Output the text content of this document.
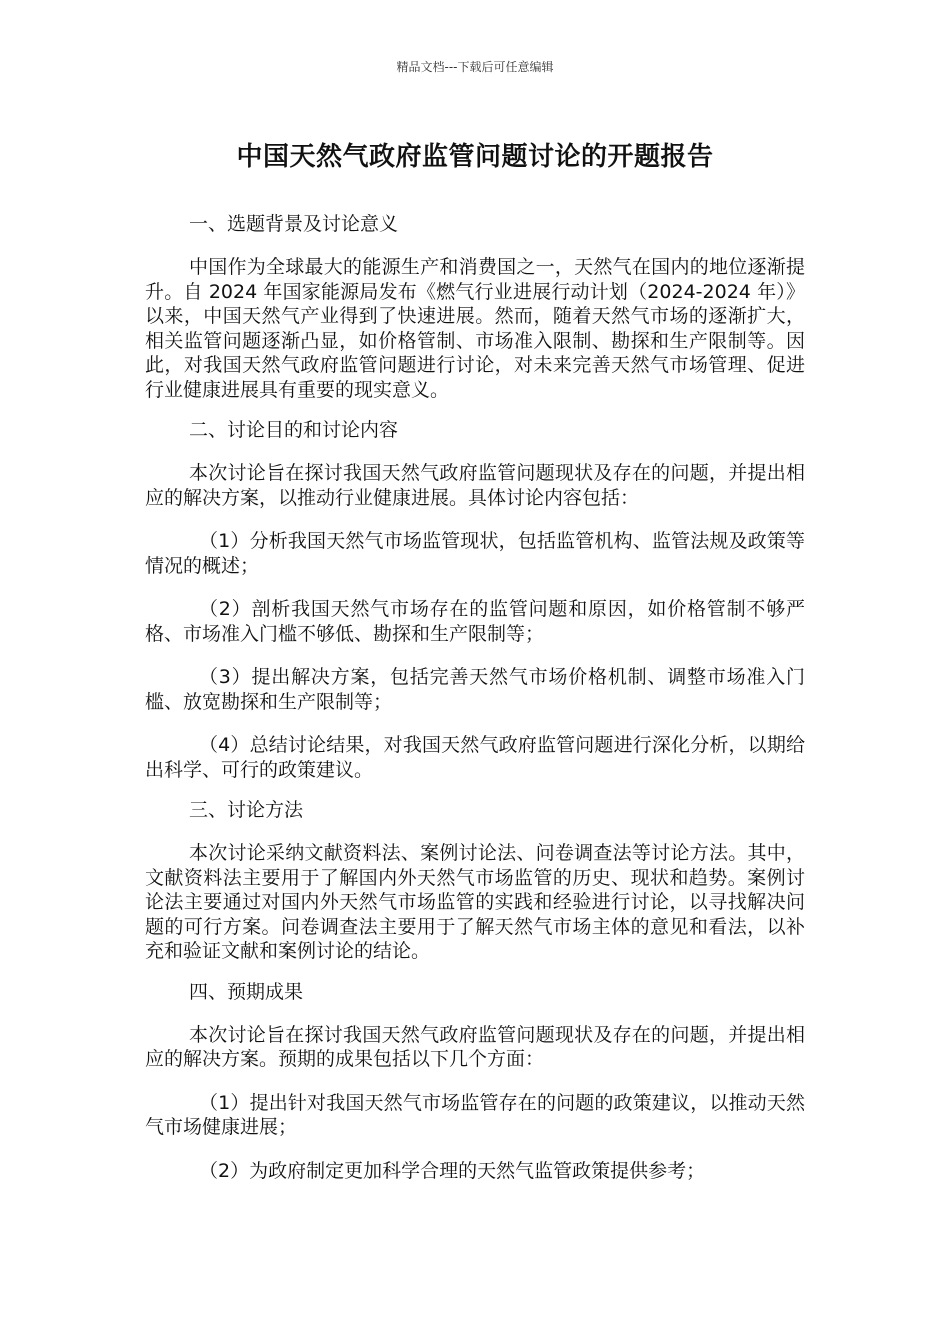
精品文档---下载后可任意编辑
中国天然气政府监管问题讨论的开题报告

一、选题背景及讨论意义

中国作为全球最大的能源生产和消费国之一，天然气在国内的地位逐渐提升。自 2024 年国家能源局发布《燃气行业进展行动计划（2024-2024 年）》以来，中国天然气产业得到了快速进展。然而，随着天然气市场的逐渐扩大，相关监管问题逐渐凸显，如价格管制、市场准入限制、勘探和生产限制等。因此，对我国天然气政府监管问题进行讨论，对未来完善天然气市场管理、促进行业健康进展具有重要的现实意义。

二、讨论目的和讨论内容

本次讨论旨在探讨我国天然气政府监管问题现状及存在的问题，并提出相应的解决方案，以推动行业健康进展。具体讨论内容包括：

（1）分析我国天然气市场监管现状，包括监管机构、监管法规及政策等情况的概述；

（2）剖析我国天然气市场存在的监管问题和原因，如价格管制不够严格、市场准入门槛不够低、勘探和生产限制等；

（3）提出解决方案，包括完善天然气市场价格机制、调整市场准入门槛、放宽勘探和生产限制等；

（4）总结讨论结果，对我国天然气政府监管问题进行深化分析，以期给出科学、可行的政策建议。

三、讨论方法

本次讨论采纳文献资料法、案例讨论法、问卷调查法等讨论方法。其中，文献资料法主要用于了解国内外天然气市场监管的历史、现状和趋势。案例讨论法主要通过对国内外天然气市场监管的实践和经验进行讨论，以寻找解决问题的可行方案。问卷调查法主要用于了解天然气市场主体的意见和看法，以补充和验证文献和案例讨论的结论。

四、预期成果

本次讨论旨在探讨我国天然气政府监管问题现状及存在的问题，并提出相应的解决方案。预期的成果包括以下几个方面：

（1）提出针对我国天然气市场监管存在的问题的政策建议，以推动天然气市场健康进展；

（2）为政府制定更加科学合理的天然气监管政策提供参考；
